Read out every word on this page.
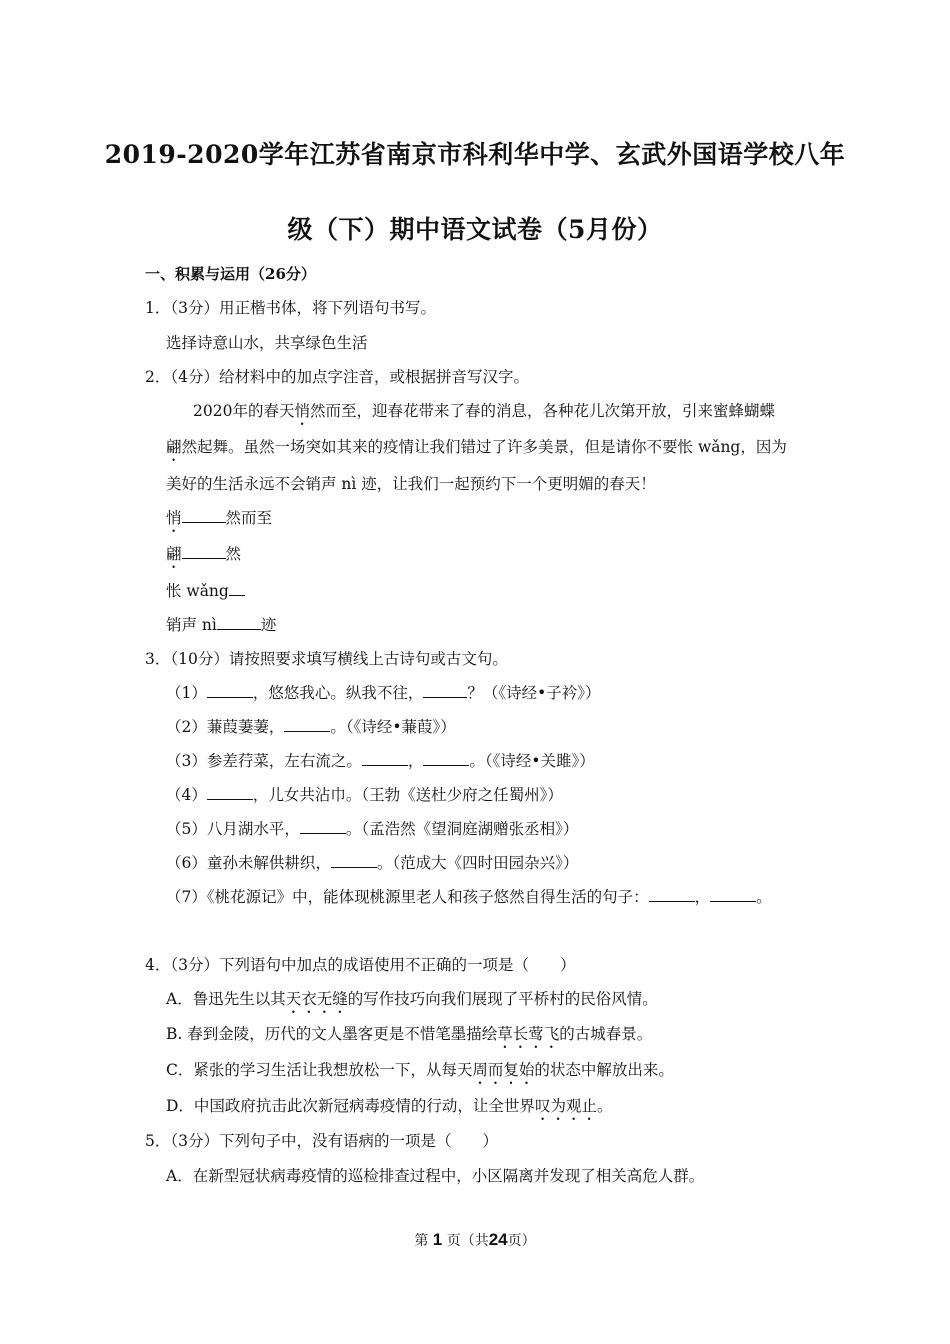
2019-2020学年江苏省南京市科利华中学、玄武外国语学校八年
级（下）期中语文试卷（5月份）
一、积累与运用（26分）
1．（3分）用正楷书体，将下列语句书写。
选择诗意山水，共享绿色生活
2．（4分）给材料中的加点字注音，或根据拼音写汉字。
2020年的春天悄然而至，迎春花带来了春的消息，各种花儿次第开放，引来蜜蜂蝴蝶
翩然起舞。虽然一场突如其来的疫情让我们错过了许多美景，但是请你不要怅 wǎng，因为
美好的生活永远不会销声 nì 迹，让我们一起预约下一个更明媚的春天！
悄	然而至
翩	然
怅 wǎng
销声 nì	迹
3．（10分）请按照要求填写横线上古诗句或古文句。
（1）	，悠悠我心。纵我不往，	？（《诗经•子衿》）
（2）蒹葭萋萋，	。（《诗经•蒹葭》）
（3）参差荇菜，左右流之。	，	。（《诗经•关雎》）
（4）	，儿女共沾巾。（王勃《送杜少府之任蜀州》）
（5）八月湖水平，	。（孟浩然《望洞庭湖赠张丞相》）
（6）童孙未解供耕织，	。（范成大《四时田园杂兴》）
（7）《桃花源记》中，能体现桃源里老人和孩子悠然自得生活的句子：	，	。
4．（3分）下列语句中加点的成语使用不正确的一项是（　　）
A．鲁迅先生以其天衣无缝的写作技巧向我们展现了平桥村的民俗风情。
B. 春到金陵，历代的文人墨客更是不惜笔墨描绘草长莺飞的古城春景。
C．紧张的学习生活让我想放松一下，从每天周而复始的状态中解放出来。
D．中国政府抗击此次新冠病毒疫情的行动，让全世界叹为观止。
5．（3分）下列句子中，没有语病的一项是（　　）
A．在新型冠状病毒疫情的巡检排查过程中，小区隔离并发现了相关高危人群。
第 1 页（共24页）
